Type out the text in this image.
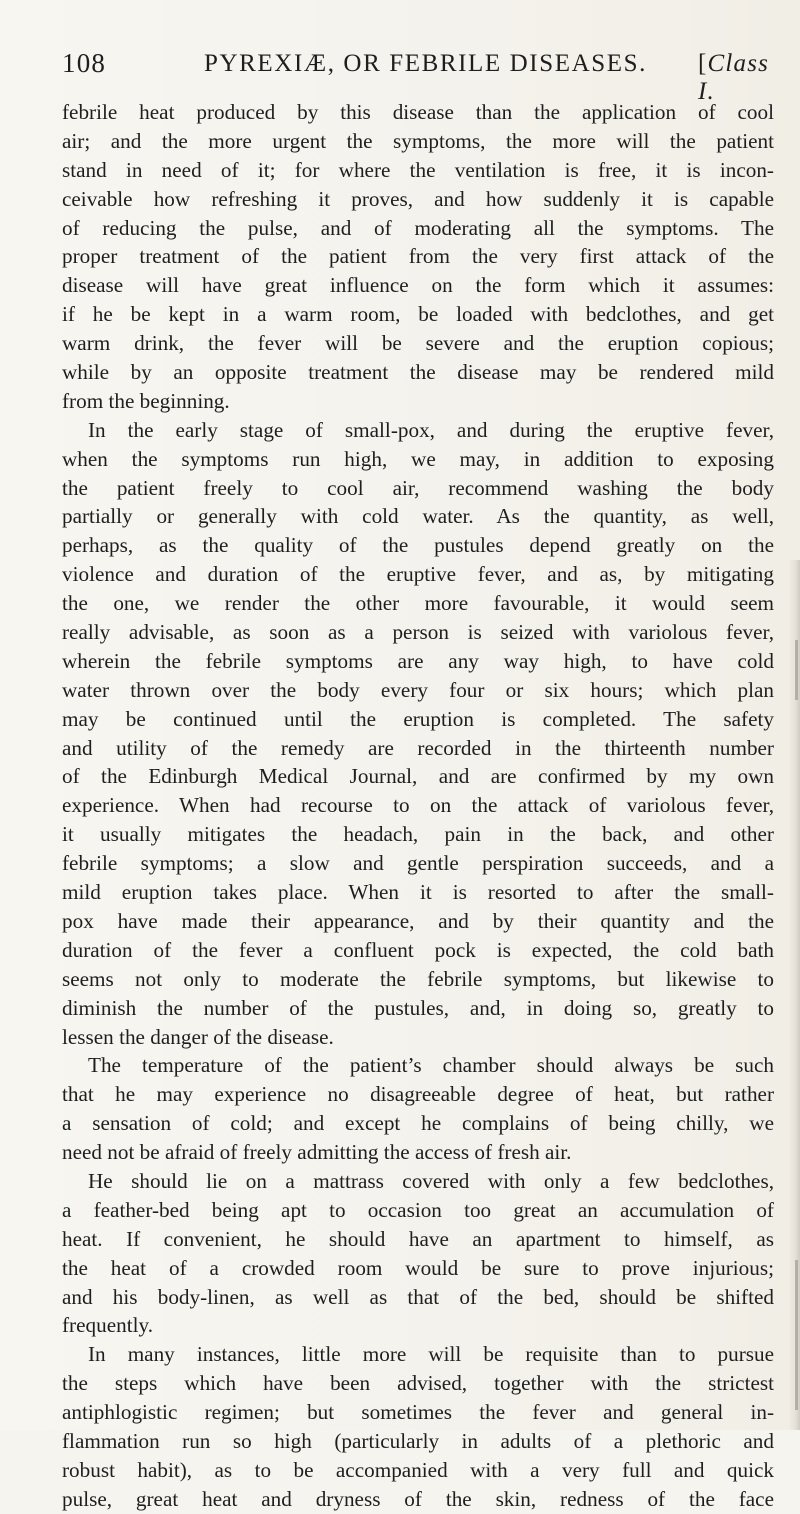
108	PYREXIÆ, OR FEBRILE DISEASES. [Class I.
febrile heat produced by this disease than the application of cool
air; and the more urgent the symptoms, the more will the patient
stand in need of it; for where the ventilation is free, it is incon-
ceivable how refreshing it proves, and how suddenly it is capable
of reducing the pulse, and of moderating all the symptoms. The
proper treatment of the patient from the very first attack of the
disease will have great influence on the form which it assumes:
if he be kept in a warm room, be loaded with bedclothes, and get
warm drink, the fever will be severe and the eruption copious;
while by an opposite treatment the disease may be rendered mild
from the beginning.
In the early stage of small-pox, and during the eruptive fever,
when the symptoms run high, we may, in addition to exposing
the patient freely to cool air, recommend washing the body
partially or generally with cold water. As the quantity, as well,
perhaps, as the quality of the pustules depend greatly on the
violence and duration of the eruptive fever, and as, by mitigating
the one, we render the other more favourable, it would seem
really advisable, as soon as a person is seized with variolous fever,
wherein the febrile symptoms are any way high, to have cold
water thrown over the body every four or six hours; which plan
may be continued until the eruption is completed. The safety
and utility of the remedy are recorded in the thirteenth number
of the Edinburgh Medical Journal, and are confirmed by my own
experience. When had recourse to on the attack of variolous fever,
it usually mitigates the headach, pain in the back, and other
febrile symptoms; a slow and gentle perspiration succeeds, and a
mild eruption takes place. When it is resorted to after the small-
pox have made their appearance, and by their quantity and the
duration of the fever a confluent pock is expected, the cold bath
seems not only to moderate the febrile symptoms, but likewise to
diminish the number of the pustules, and, in doing so, greatly to
lessen the danger of the disease.
The temperature of the patient’s chamber should always be such
that he may experience no disagreeable degree of heat, but rather
a sensation of cold; and except he complains of being chilly, we
need not be afraid of freely admitting the access of fresh air.
He should lie on a mattrass covered with only a few bedclothes,
a feather-bed being apt to occasion too great an accumulation of
heat. If convenient, he should have an apartment to himself, as
the heat of a crowded room would be sure to prove injurious;
and his body-linen, as well as that of the bed, should be shifted
frequently.
In many instances, little more will be requisite than to pursue
the steps which have been advised, together with the strictest
antiphlogistic regimen; but sometimes the fever and general in-
flammation run so high (particularly in adults of a plethoric and
robust habit), as to be accompanied with a very full and quick
pulse, great heat and dryness of the skin, redness of the face
